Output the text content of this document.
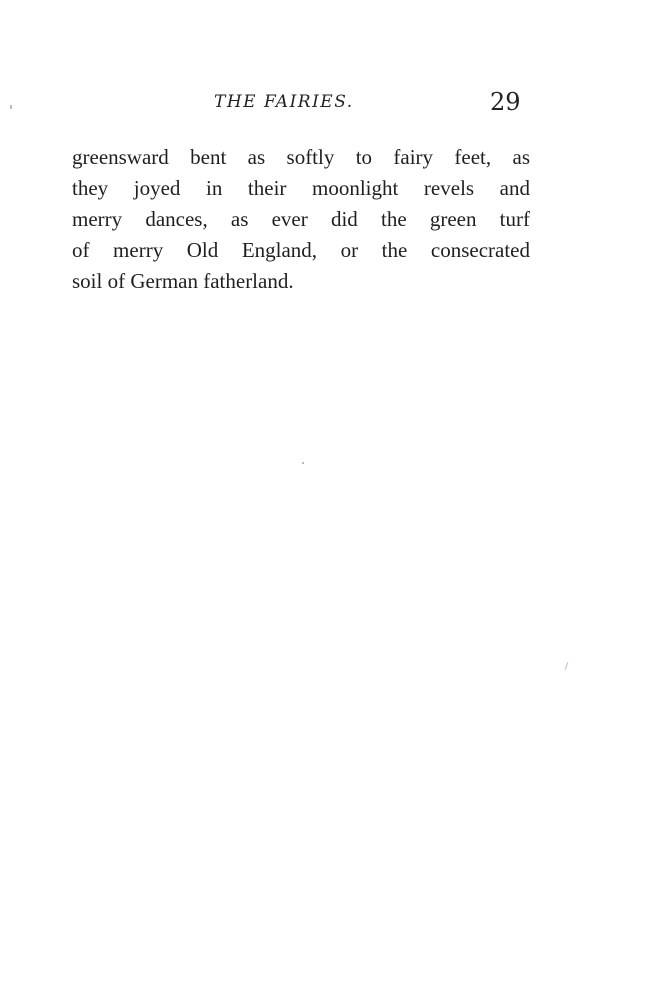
THE FAIRIES.	29
greensward bent as softly to fairy feet, as
they joyed in their moonlight revels and
merry dances, as ever did the green turf
of merry Old England, or the consecrated
soil of German fatherland.
